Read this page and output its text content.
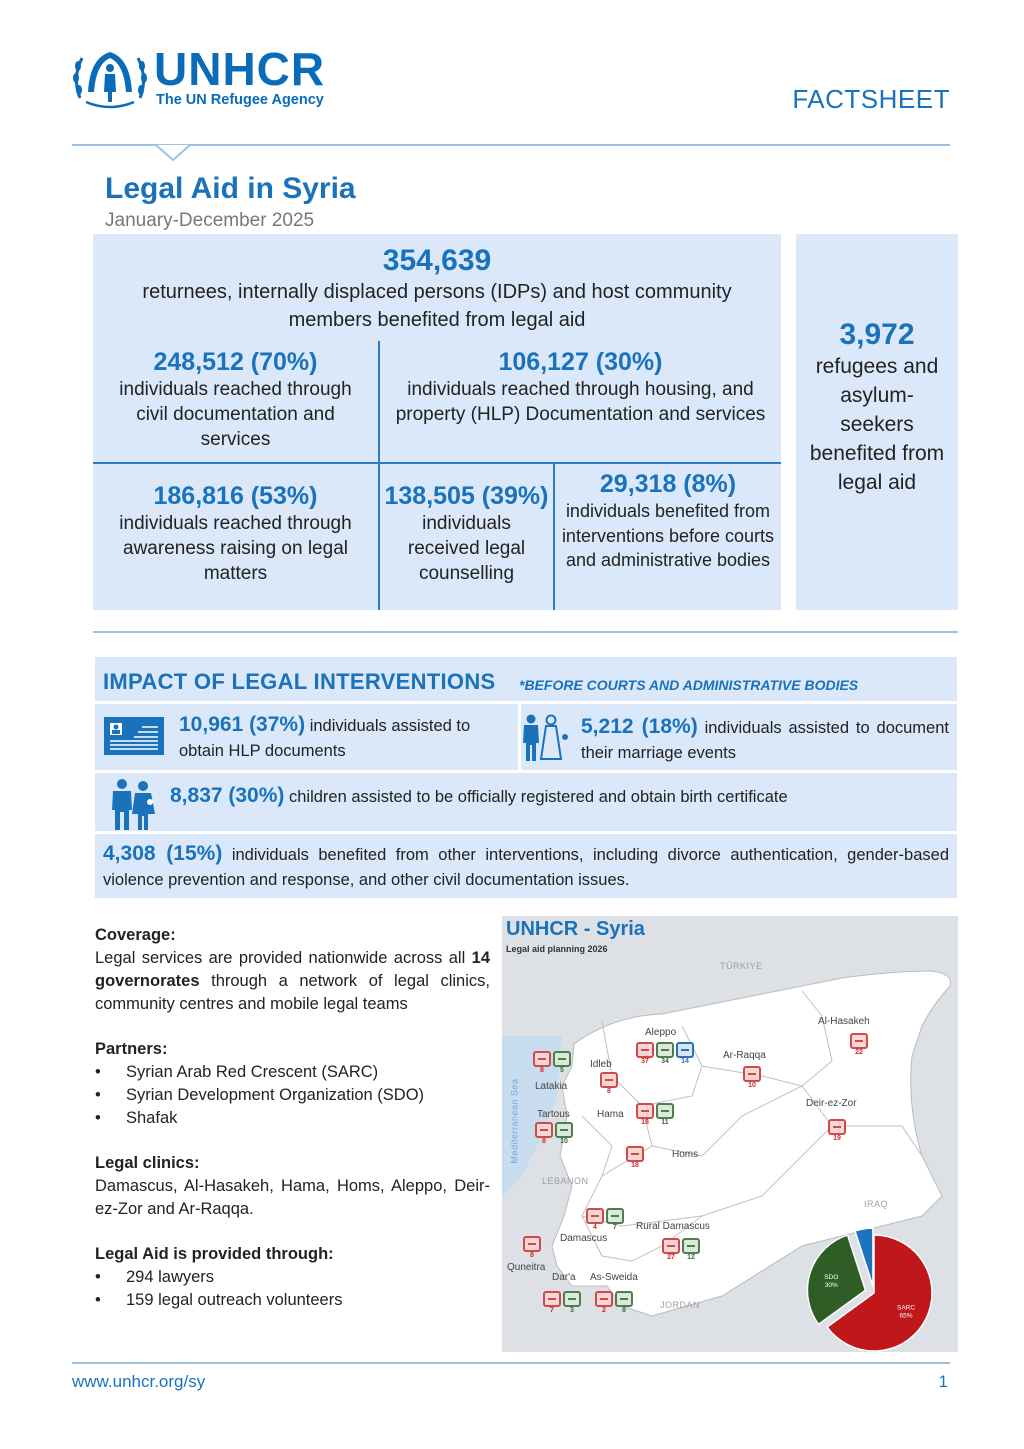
UNHCR
The UN Refugee Agency	FACTSHEET
Legal Aid in Syria
January-December 2025
354,639
returnees, internally displaced persons (IDPs) and host community members benefited from legal aid
248,512 (70%)
individuals reached through civil documentation and services
106,127 (30%)
individuals reached through housing, and property (HLP) Documentation and services
186,816 (53%)
individuals reached through awareness raising on legal matters
138,505 (39%)
individuals received legal counselling
29,318 (8%)
individuals benefited from interventions before courts and administrative bodies
3,972
refugees and asylum-seekers benefited from legal aid
IMPACT OF LEGAL INTERVENTIONS *BEFORE COURTS AND ADMINISTRATIVE BODIES
10,961 (37%) individuals assisted to obtain HLP documents
5,212 (18%) individuals assisted to document their marriage events
8,837 (30%) children assisted to be officially registered and obtain birth certificate
4,308 (15%) individuals benefited from other interventions, including divorce authentication, gender-based violence prevention and response, and other civil documentation issues.
Coverage:

Legal services are provided nationwide across all 14 governorates through a network of legal clinics, community centres and mobile legal teams

Partners:
• Syrian Arab Red Crescent (SARC)
• Syrian Development Organization (SDO)
• Shafak
Legal clinics:

Damascus, Al-Hasakeh, Hama, Homs, Aleppo, Deir-ez-Zor and Ar-Raqqa.

Legal Aid is provided through:
• 294 lawyers
• 159 legal outreach volunteers
UNHCR - Syria
Legal aid planning 2026
TÜRKIYE
LEBANON
IRAQ
JORDAN
Mediterranean Sea
Aleppo
37	34	14
Latakia
8	5
Idleb
8
Ar-Raqqa
10
Al-Hasakeh
22
Tartous
8	10
Hama
18	11
Homs
18
Deir-ez-Zor
19
Damascus
4	7	Rural Damascus
27	12
Quneitra
8
Dar'a
7	3
As-Sweida
2	8	SARC
65%
SDO
30%
www.unhcr.org/sy	1
